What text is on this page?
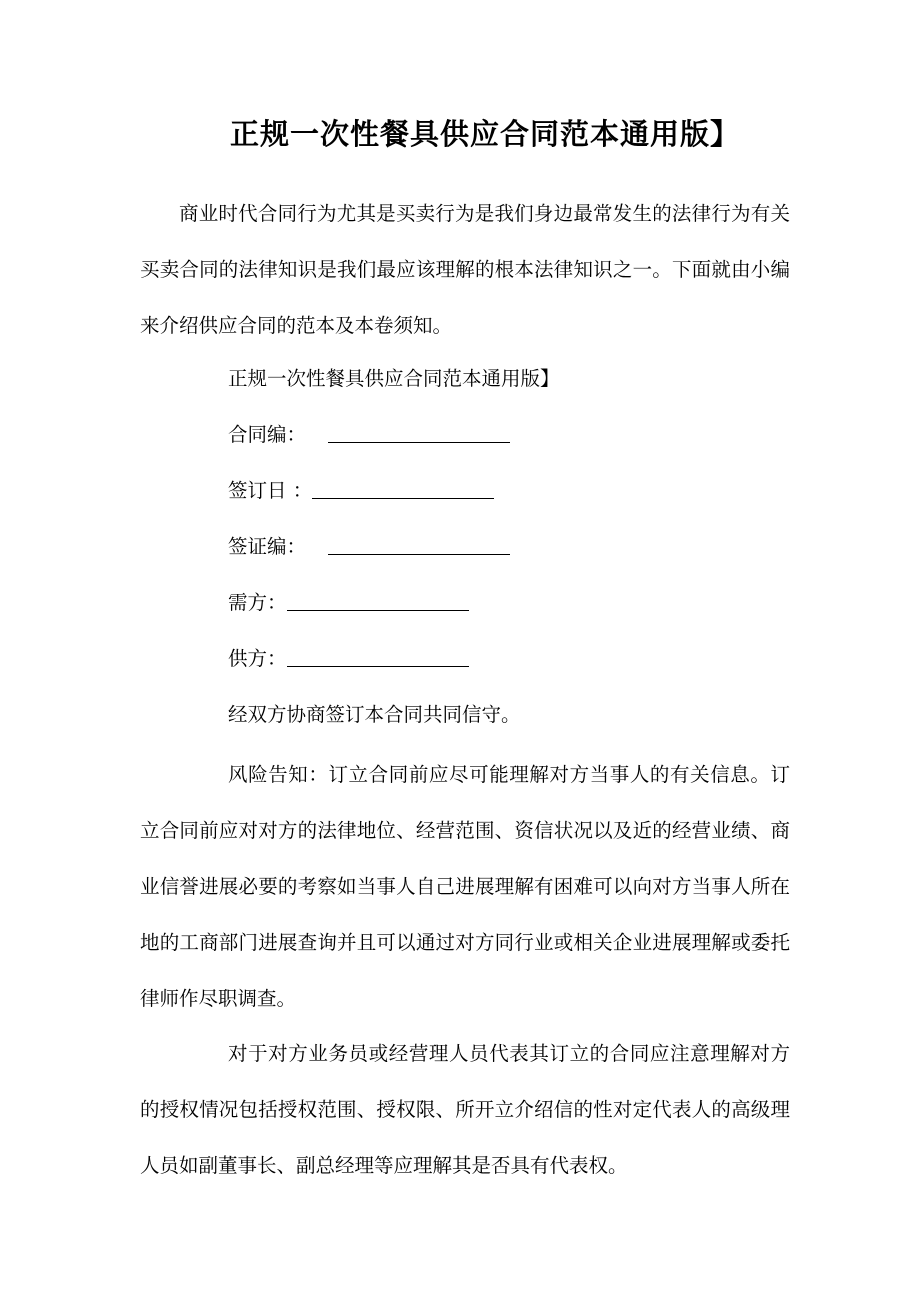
正规一次性餐具供应合同范本通用版】
商业时代合同行为尤其是买卖行为是我们身边最常发生的法律行为有关买卖合同的法律知识是我们最应该理解的根本法律知识之一。下面就由小编来介绍供应合同的范本及本卷须知。
正规一次性餐具供应合同范本通用版】
合同编：
签订日 ：
签证编：
需方：
供方：
经双方协商签订本合同共同信守。
风险告知：订立合同前应尽可能理解对方当事人的有关信息。订立合同前应对对方的法律地位、经营范围、资信状况以及近的经营业绩、商业信誉进展必要的考察如当事人自己进展理解有困难可以向对方当事人所在地的工商部门进展查询并且可以通过对方同行业或相关企业进展理解或委托律师作尽职调查。
对于对方业务员或经营理人员代表其订立的合同应注意理解对方的授权情况包括授权范围、授权限、所开立介绍信的性对定代表人的高级理人员如副董事长、副总经理等应理解其是否具有代表权。
